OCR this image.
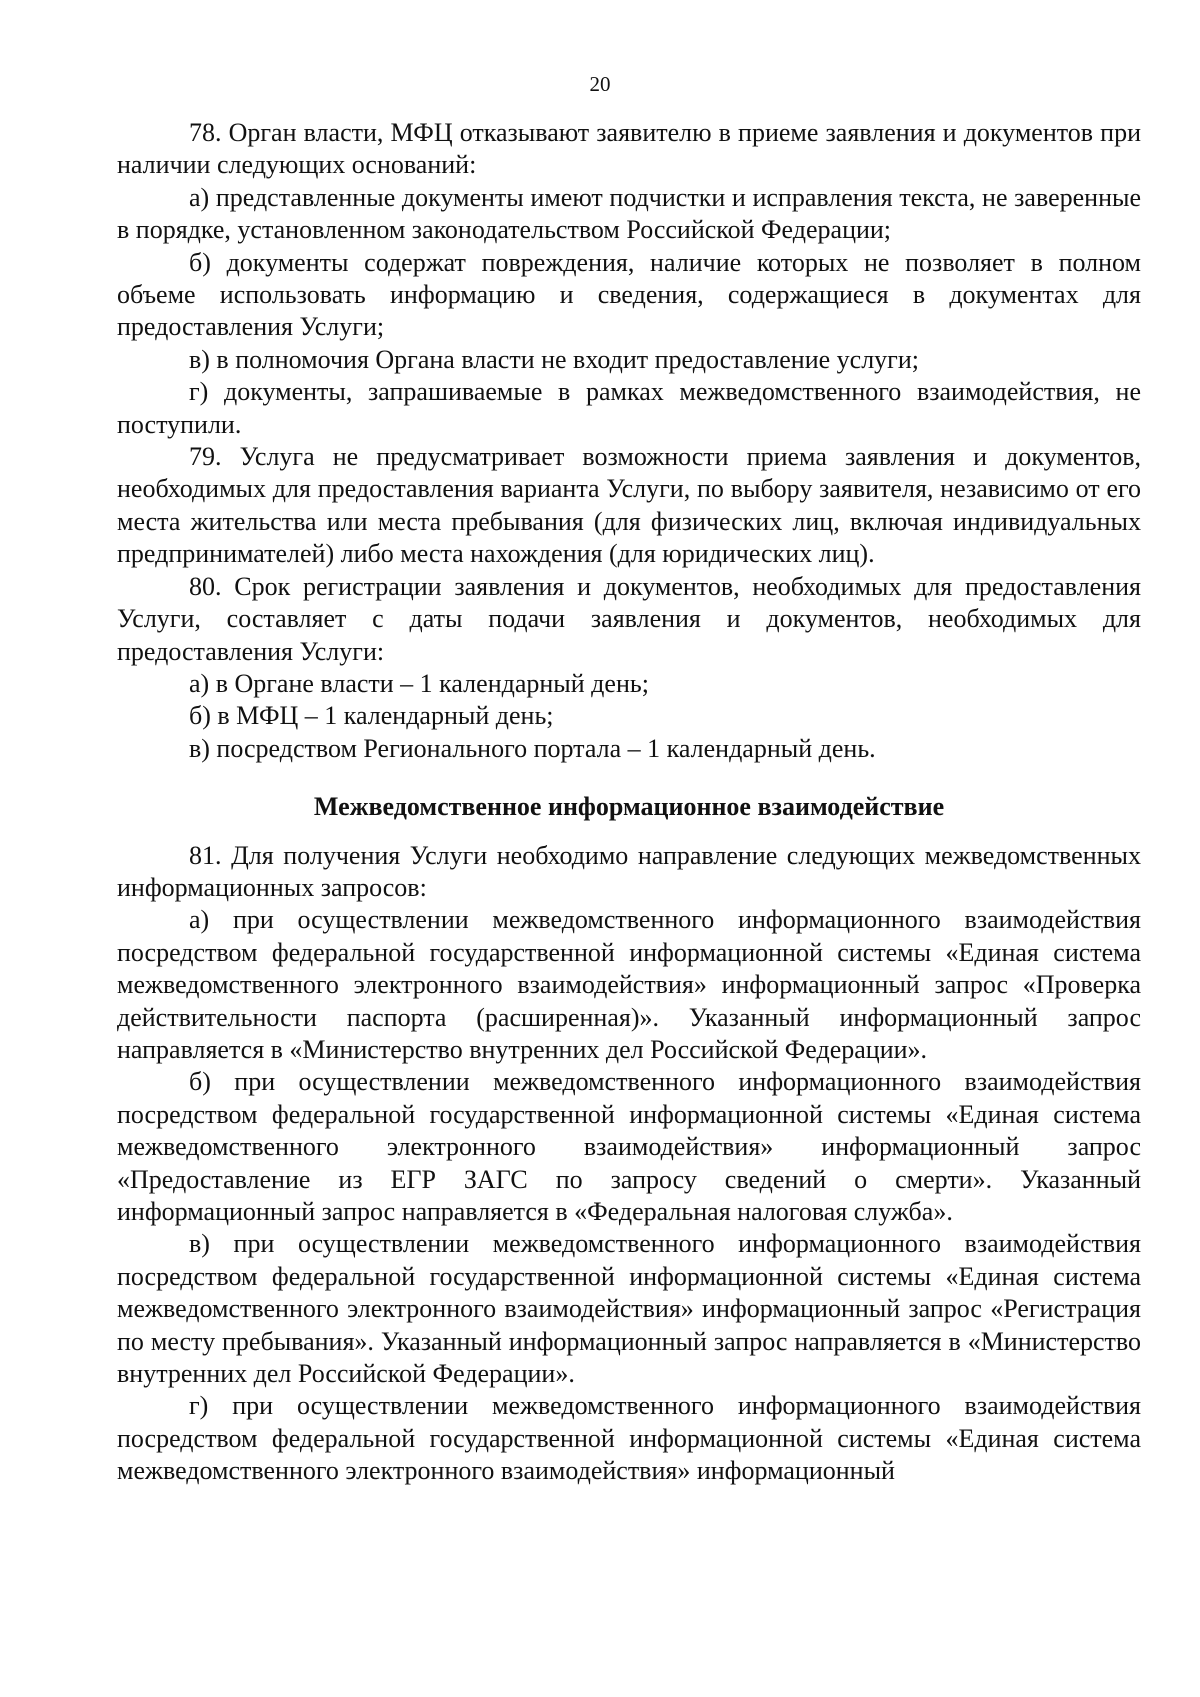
20

78. Орган власти, МФЦ отказывают заявителю в приеме заявления и документов при наличии следующих оснований:

а) представленные документы имеют подчистки и исправления текста, не заверенные в порядке, установленном законодательством Российской Федерации;

б) документы содержат повреждения, наличие которых не позволяет в полном объеме использовать информацию и сведения, содержащиеся в документах для предоставления Услуги;

в) в полномочия Органа власти не входит предоставление услуги;

г) документы, запрашиваемые в рамках межведомственного взаимодействия, не поступили.

79. Услуга не предусматривает возможности приема заявления и документов, необходимых для предоставления варианта Услуги, по выбору заявителя, независимо от его места жительства или места пребывания (для физических лиц, включая индивидуальных предпринимателей) либо места нахождения (для юридических лиц).

80. Срок регистрации заявления и документов, необходимых для предоставления Услуги, составляет с даты подачи заявления и документов, необходимых для предоставления Услуги:

а) в Органе власти – 1 календарный день;

б) в МФЦ – 1 календарный день;

в) посредством Регионального портала – 1 календарный день.

Межведомственное информационное взаимодействие

81. Для получения Услуги необходимо направление следующих межведомственных информационных запросов:

а) при осуществлении межведомственного информационного взаимодействия посредством федеральной государственной информационной системы «Единая система межведомственного электронного взаимодействия» информационный запрос «Проверка действительности паспорта (расширенная)». Указанный информационный запрос направляется в «Министерство внутренних дел Российской Федерации».

б) при осуществлении межведомственного информационного взаимодействия посредством федеральной государственной информационной системы «Единая система межведомственного электронного взаимодействия» информационный запрос «Предоставление из ЕГР ЗАГС по запросу сведений о смерти». Указанный информационный запрос направляется в «Федеральная налоговая служба».

в) при осуществлении межведомственного информационного взаимодействия посредством федеральной государственной информационной системы «Единая система межведомственного электронного взаимодействия» информационный запрос «Регистрация по месту пребывания». Указанный информационный запрос направляется в «Министерство внутренних дел Российской Федерации».

г) при осуществлении межведомственного информационного взаимодействия посредством федеральной государственной информационной системы «Единая система межведомственного электронного взаимодействия» информационный
